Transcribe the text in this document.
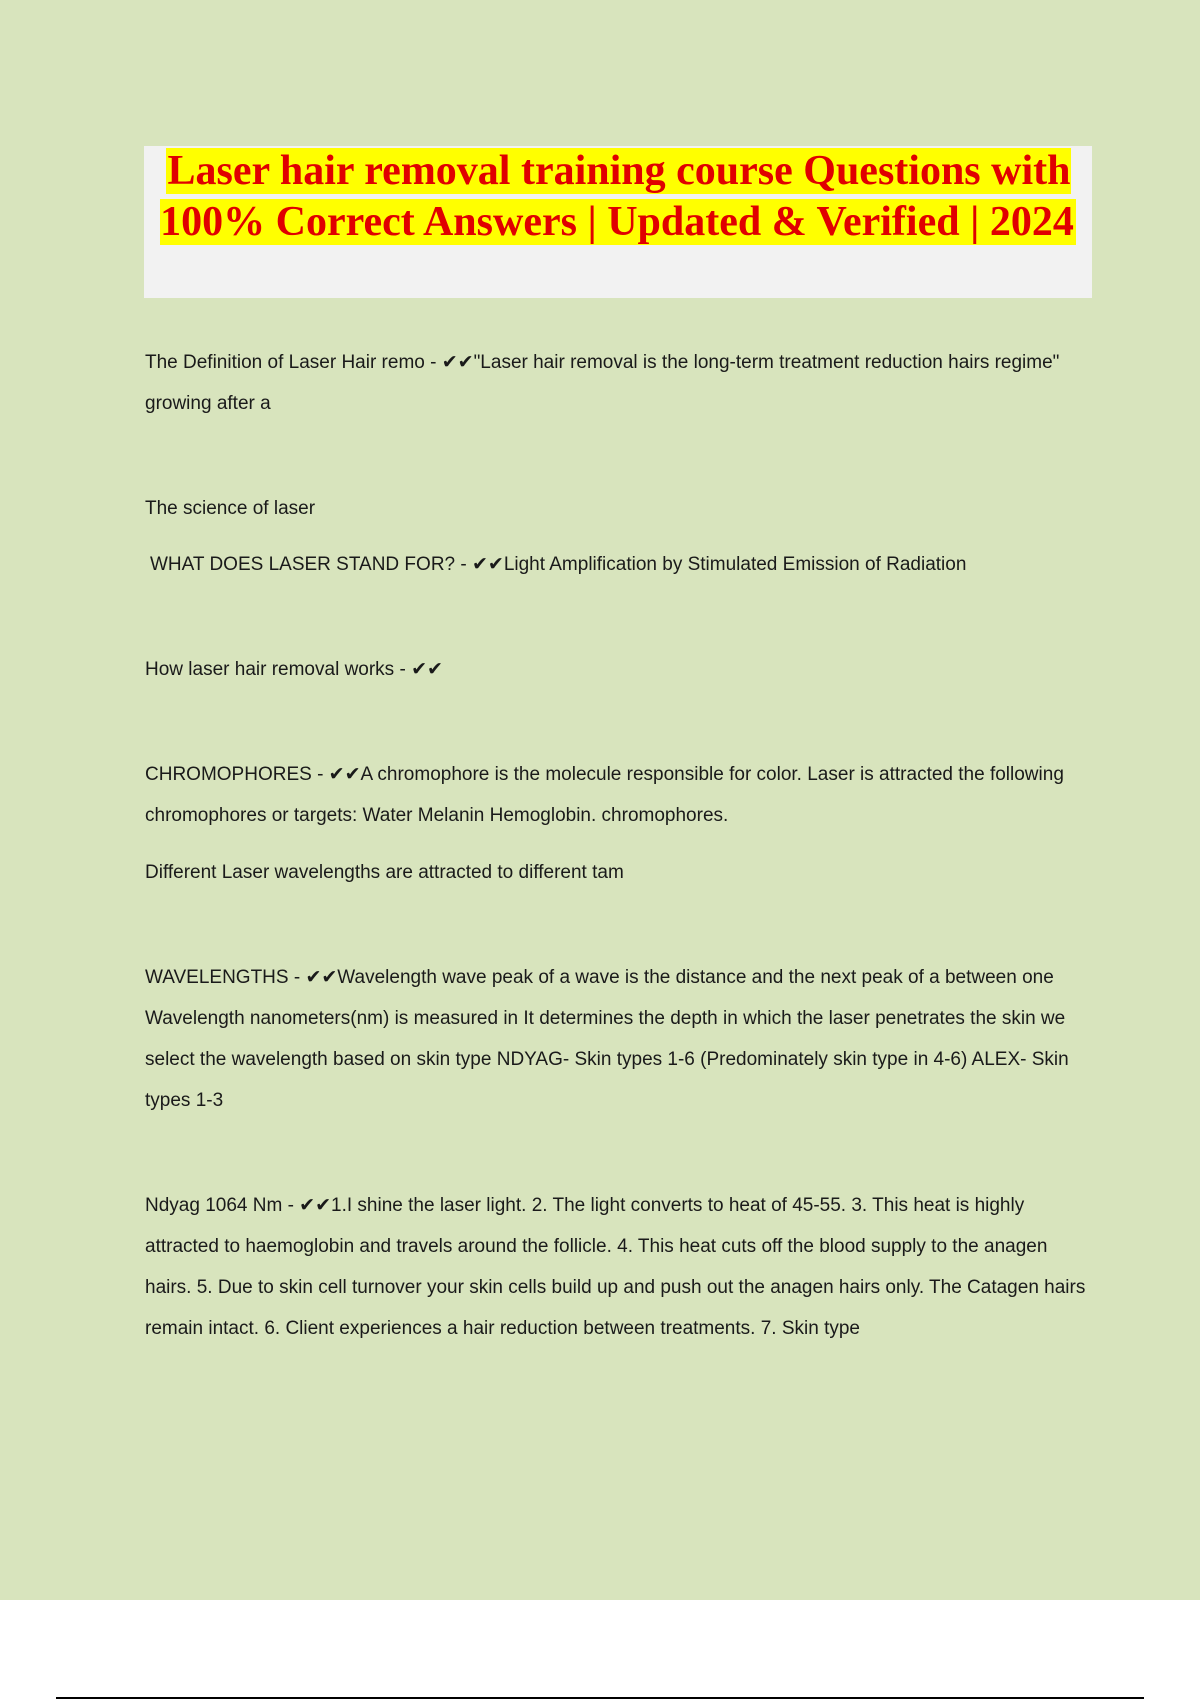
Laser hair removal training course Questions with 100% Correct Answers | Updated & Verified | 2024

The Definition of Laser Hair remo - ✔✔"Laser hair removal is the long-term treatment reduction hairs regime" growing after a

The science of laser

WHAT DOES LASER STAND FOR? - ✔✔Light Amplification by Stimulated Emission of Radiation

How laser hair removal works - ✔✔

CHROMOPHORES - ✔✔A chromophore is the molecule responsible for color. Laser is attracted the following chromophores or targets: Water Melanin Hemoglobin. chromophores.

Different Laser wavelengths are attracted to different tam

WAVELENGTHS - ✔✔Wavelength wave peak of a wave is the distance and the next peak of a between one Wavelength nanometers(nm) is measured in It determines the depth in which the laser penetrates the skin we select the wavelength based on skin type NDYAG- Skin types 1-6 (Predominately skin type in 4-6) ALEX- Skin types 1-3

Ndyag 1064 Nm - ✔✔1.I shine the laser light. 2. The light converts to heat of 45-55. 3. This heat is highly attracted to haemoglobin and travels around the follicle. 4. This heat cuts off the blood supply to the anagen hairs. 5. Due to skin cell turnover your skin cells build up and push out the anagen hairs only. The Catagen hairs remain intact. 6. Client experiences a hair reduction between treatments. 7. Skin type
